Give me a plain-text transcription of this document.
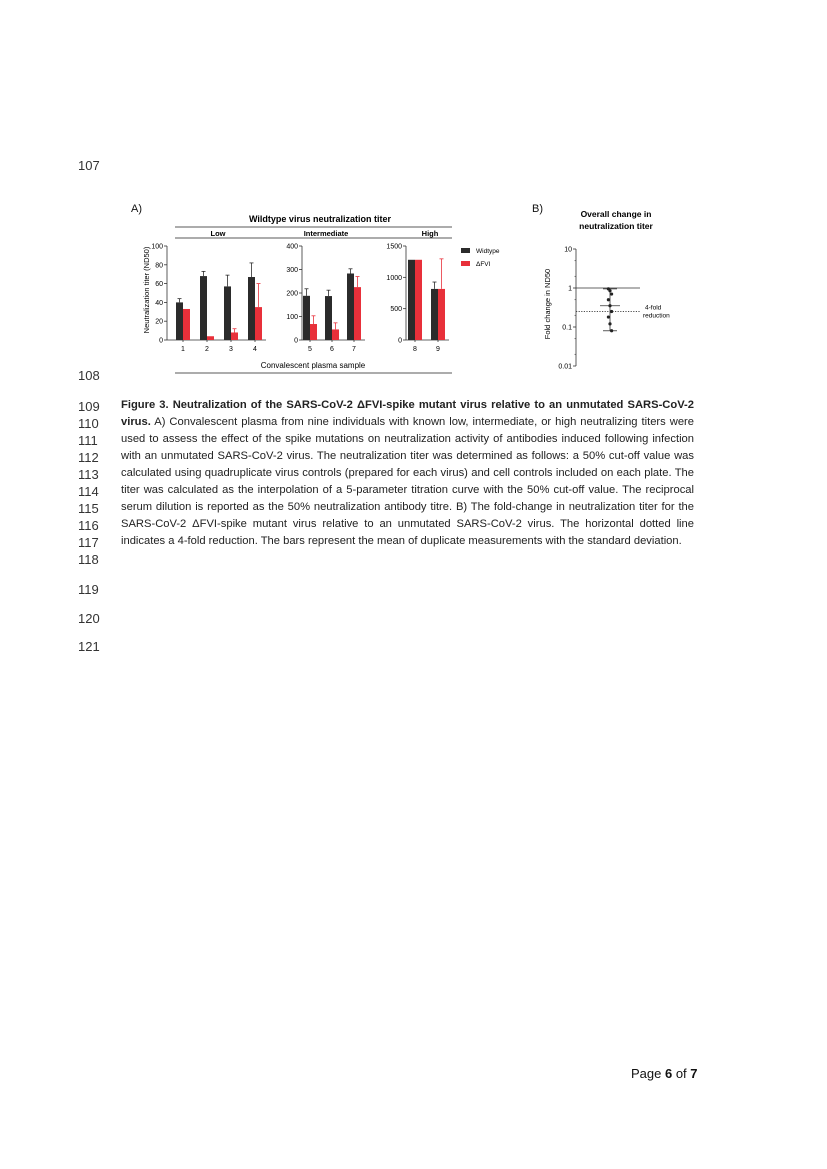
107
108
109
110
111
112
113
114
115
116
117
118
119
120
121
A)	B)
Wildtype virus neutralization titer
Low
0
20
40
60
80
100
1	2	3	4
Intermediate
0
100
200
300
400
5	6	7
High
0
500
1000
1500
8	9
Convalescent plasma sample
Neutralization titer (ND50)	Widtype
ΔFVI
Overall change in
neutralization titer
0.01
0.1
1
10
4-fold
reduction
Fold change in ND50
Figure 3. Neutralization of the SARS-CoV-2 ΔFVI-spike mutant virus relative to an unmutated SARS-CoV-2 virus. A) Convalescent plasma from nine individuals with known low, intermediate, or high neutralizing titers were used to assess the effect of the spike mutations on neutralization activity of antibodies induced following infection with an unmutated SARS-CoV-2 virus. The neutralization titer was determined as follows: a 50% cut-off value was calculated using quadruplicate virus controls (prepared for each virus) and cell controls included on each plate. The titer was calculated as the interpolation of a 5-parameter titration curve with the 50% cut-off value. The reciprocal serum dilution is reported as the 50% neutralization antibody titre. B) The fold-change in neutralization titer for the SARS-CoV-2 ΔFVI-spike mutant virus relative to an unmutated SARS-CoV-2 virus. The horizontal dotted line indicates a 4-fold reduction. The bars represent the mean of duplicate measurements with the standard deviation.
Page 6 of 7
